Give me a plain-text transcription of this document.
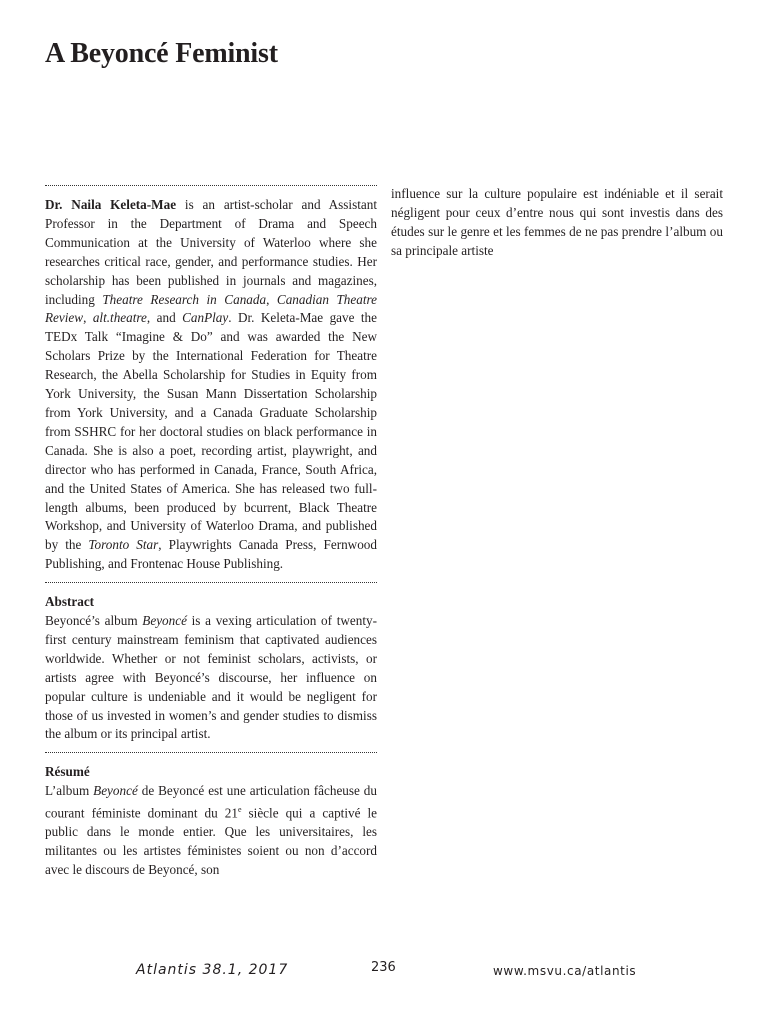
A Beyoncé Feminist

Dr. Naila Keleta-Mae is an artist-scholar and Assistant Professor in the Department of Drama and Speech Communication at the University of Waterloo where she researches critical race, gender, and performance studies. Her scholarship has been published in journals and magazines, including Theatre Research in Canada, Canadian Theatre Review, alt.theatre, and CanPlay. Dr. Keleta-Mae gave the TEDx Talk “Imagine & Do” and was awarded the New Scholars Prize by the International Federation for Theatre Research, the Abella Scholarship for Studies in Equity from York University, the Susan Mann Dissertation Scholarship from York University, and a Canada Graduate Scholarship from SSHRC for her doctoral studies on black performance in Canada. She is also a poet, recording artist, playwright, and director who has performed in Canada, France, South Africa, and the United States of America. She has released two full-length albums, been produced by bcurrent, Black Theatre Workshop, and University of Waterloo Drama, and published by the Toronto Star, Playwrights Canada Press, Fernwood Publishing, and Frontenac House Publishing.

Abstract

Beyoncé’s album Beyoncé is a vexing articulation of twenty-first century mainstream feminism that captivated audiences worldwide. Whether or not feminist scholars, activists, or artists agree with Beyoncé’s discourse, her influence on popular culture is undeniable and it would be negligent for those of us invested in women’s and gender studies to dismiss the album or its principal artist.

Résumé

L’album Beyoncé de Beyoncé est une articulation fâcheuse du courant féministe dominant du 21e siècle qui a captivé le public dans le monde entier. Que les universitaires, les militantes ou les artistes féministes soient ou non d’accord avec le discours de Beyoncé, son

influence sur la culture populaire est indéniable et il serait négligent pour ceux d’entre nous qui sont investis dans des études sur le genre et les femmes de ne pas prendre l’album ou sa principale artiste

Atlantis 38.1, 2017	236	www.msvu.ca/atlantis
